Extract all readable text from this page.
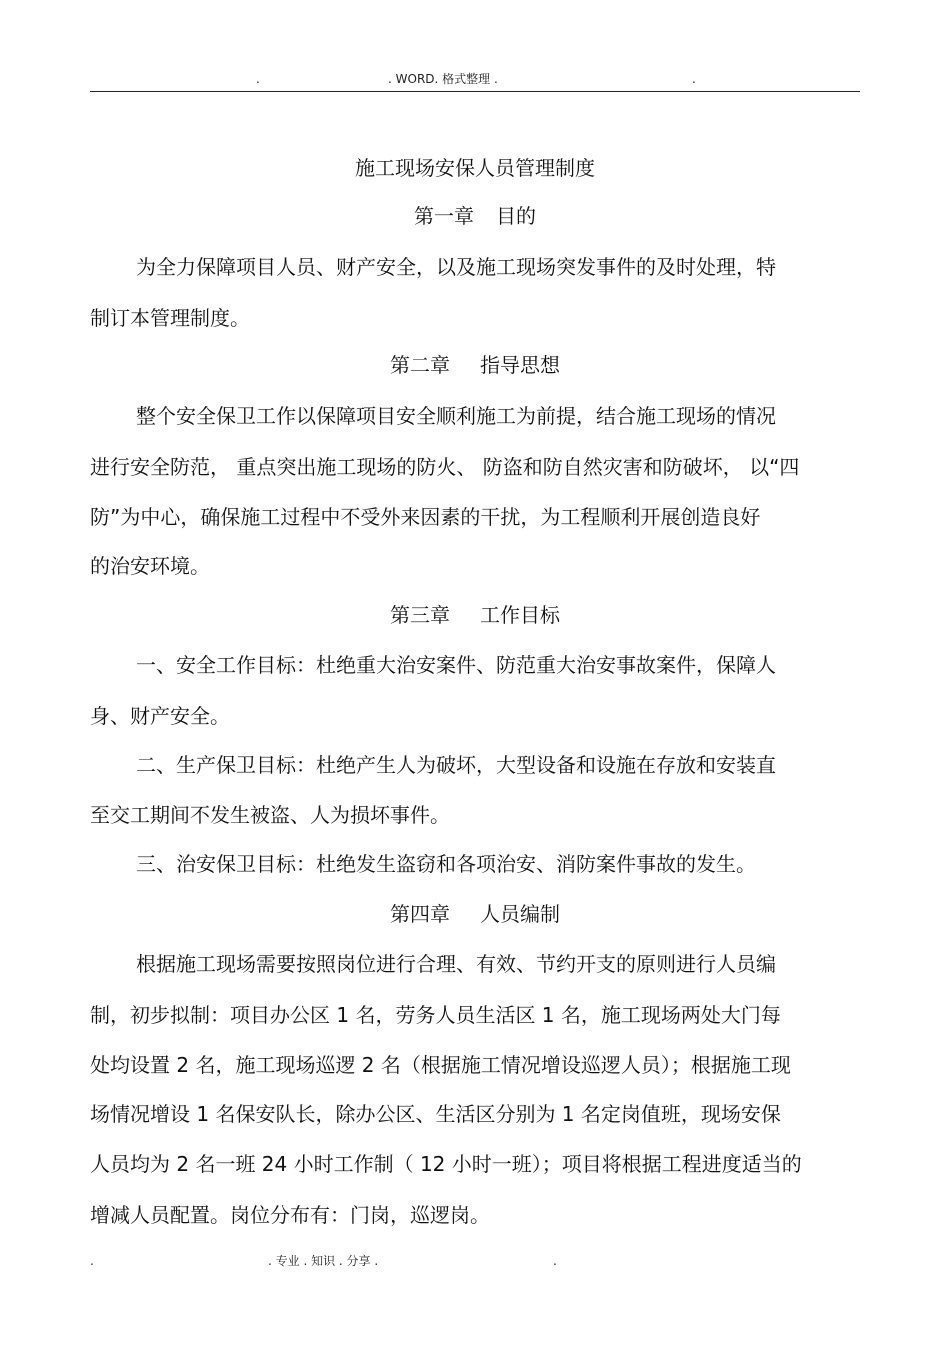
.	. WORD. 格式整理 .	.
施工现场安保人员管理制度
第一章 目的
为全力保障项目人员、财产安全，以及施工现场突发事件的及时处理，特
制订本管理制度。
第二章 指导思想
整个安全保卫工作以保障项目安全顺利施工为前提，结合施工现场的情况
进行安全防范， 重点突出施工现场的防火、 防盗和防自然灾害和防破坏， 以“四
防”为中心，确保施工过程中不受外来因素的干扰，为工程顺利开展创造良好
的治安环境。
第三章 工作目标
一、安全工作目标：杜绝重大治安案件、防范重大治安事故案件，保障人
身、财产安全。
二、生产保卫目标：杜绝产生人为破坏，大型设备和设施在存放和安装直
至交工期间不发生被盗、人为损坏事件。
三、治安保卫目标：杜绝发生盗窃和各项治安、消防案件事故的发生。
第四章 人员编制
根据施工现场需要按照岗位进行合理、有效、节约开支的原则进行人员编
制，初步拟制：项目办公区 1 名，劳务人员生活区 1 名，施工现场两处大门每
处均设置 2 名，施工现场巡逻 2 名（根据施工情况增设巡逻人员）；根据施工现
场情况增设 1 名保安队长，除办公区、生活区分别为 1 名定岗值班，现场安保
人员均为 2 名一班 24 小时工作制（ 12 小时一班）；项目将根据工程进度适当的
增减人员配置。岗位分布有：门岗，巡逻岗。
.	. 专业 . 知识 . 分享 .	.
